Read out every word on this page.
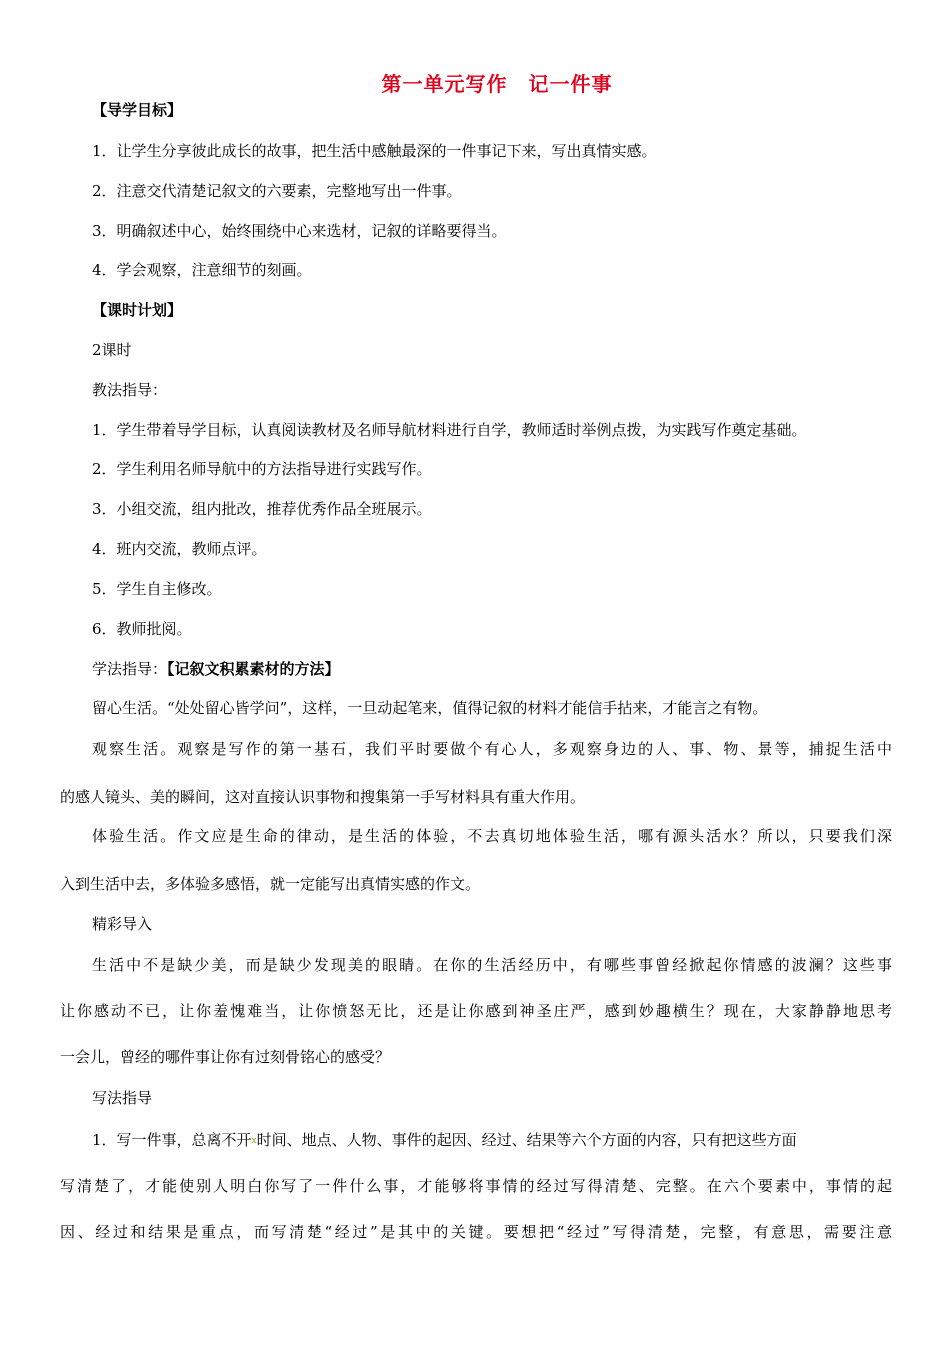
第一单元写作　记一件事
【导学目标】
1．让学生分享彼此成长的故事，把生活中感触最深的一件事记下来，写出真情实感。
2．注意交代清楚记叙文的六要素，完整地写出一件事。
3．明确叙述中心，始终围绕中心来选材，记叙的详略要得当。
4．学会观察，注意细节的刻画。
【课时计划】
2课时
教法指导：
1．学生带着导学目标，认真阅读教材及名师导航材料进行自学，教师适时举例点拨，为实践写作奠定基础。
2．学生利用名师导航中的方法指导进行实践写作。
3．小组交流，组内批改，推荐优秀作品全班展示。
4．班内交流，教师点评。
5．学生自主修改。
6．教师批阅。
学法指导：【记叙文积累素材的方法】
留心生活。“处处留心皆学问”，这样，一旦动起笔来，值得记叙的材料才能信手拈来，才能言之有物。
观察生活。观察是写作的第一基石，我们平时要做个有心人，多观察身边的人、事、物、景等，捕捉生活中
的感人镜头、美的瞬间，这对直接认识事物和搜集第一手写材料具有重大作用。
体验生活。作文应是生命的律动，是生活的体验，不去真切地体验生活，哪有源头活水？所以，只要我们深
入到生活中去，多体验多感悟，就一定能写出真情实感的作文。
精彩导入
生活中不是缺少美，而是缺少发现美的眼睛。在你的生活经历中，有哪些事曾经掀起你情感的波澜？这些事
让你感动不已，让你羞愧难当，让你愤怒无比，还是让你感到神圣庄严，感到妙趣横生？现在，大家静静地思考
一会儿，曾经的哪件事让你有过刻骨铭心的感受？
写法指导
1．写一件事，总离不开x时间、地点、人物、事件的起因、经过、结果等六个方面的内容，只有把这些方面
写清楚了，才能使别人明白你写了一件什么事，才能够将事情的经过写得清楚、完整。在六个要素中，事情的起
因、经过和结果是重点，而写清楚“经过”是其中的关键。要想把“经过”写得清楚，完整，有意思，需要注意
